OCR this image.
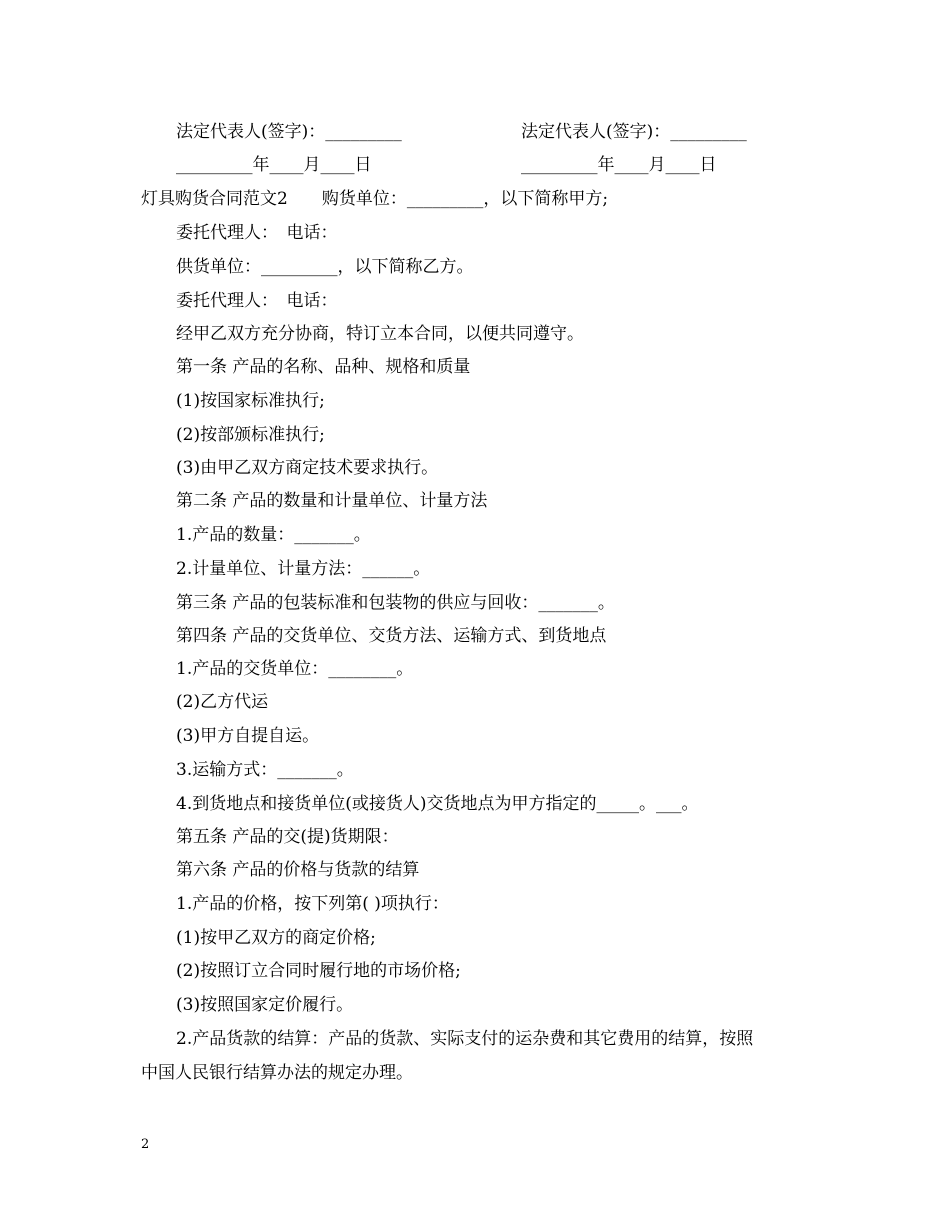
法定代表人(签字)：_________	法定代表人(签字)：_________
_________年____月____日	_________年____月____日
灯具购货合同范文2　　购货单位：_________，以下简称甲方;
委托代理人：　电话：
供货单位：_________，以下简称乙方。
委托代理人：　电话：
经甲乙双方充分协商，特订立本合同，以便共同遵守。
第一条 产品的名称、品种、规格和质量
(1)按国家标准执行;
(2)按部颁标准执行;
(3)由甲乙双方商定技术要求执行。
第二条 产品的数量和计量单位、计量方法
1.产品的数量：_______。
2.计量单位、计量方法：______。
第三条 产品的包装标准和包装物的供应与回收：_______。
第四条 产品的交货单位、交货方法、运输方式、到货地点
1.产品的交货单位：________。
(2)乙方代运
(3)甲方自提自运。
3.运输方式：_______。
4.到货地点和接货单位(或接货人)交货地点为甲方指定的_____。___。
第五条 产品的交(提)货期限：
第六条 产品的价格与货款的结算
1.产品的价格，按下列第( )项执行：
(1)按甲乙双方的商定价格;
(2)按照订立合同时履行地的市场价格;
(3)按照国家定价履行。
2.产品货款的结算：产品的货款、实际支付的运杂费和其它费用的结算，按照
中国人民银行结算办法的规定办理。
2
